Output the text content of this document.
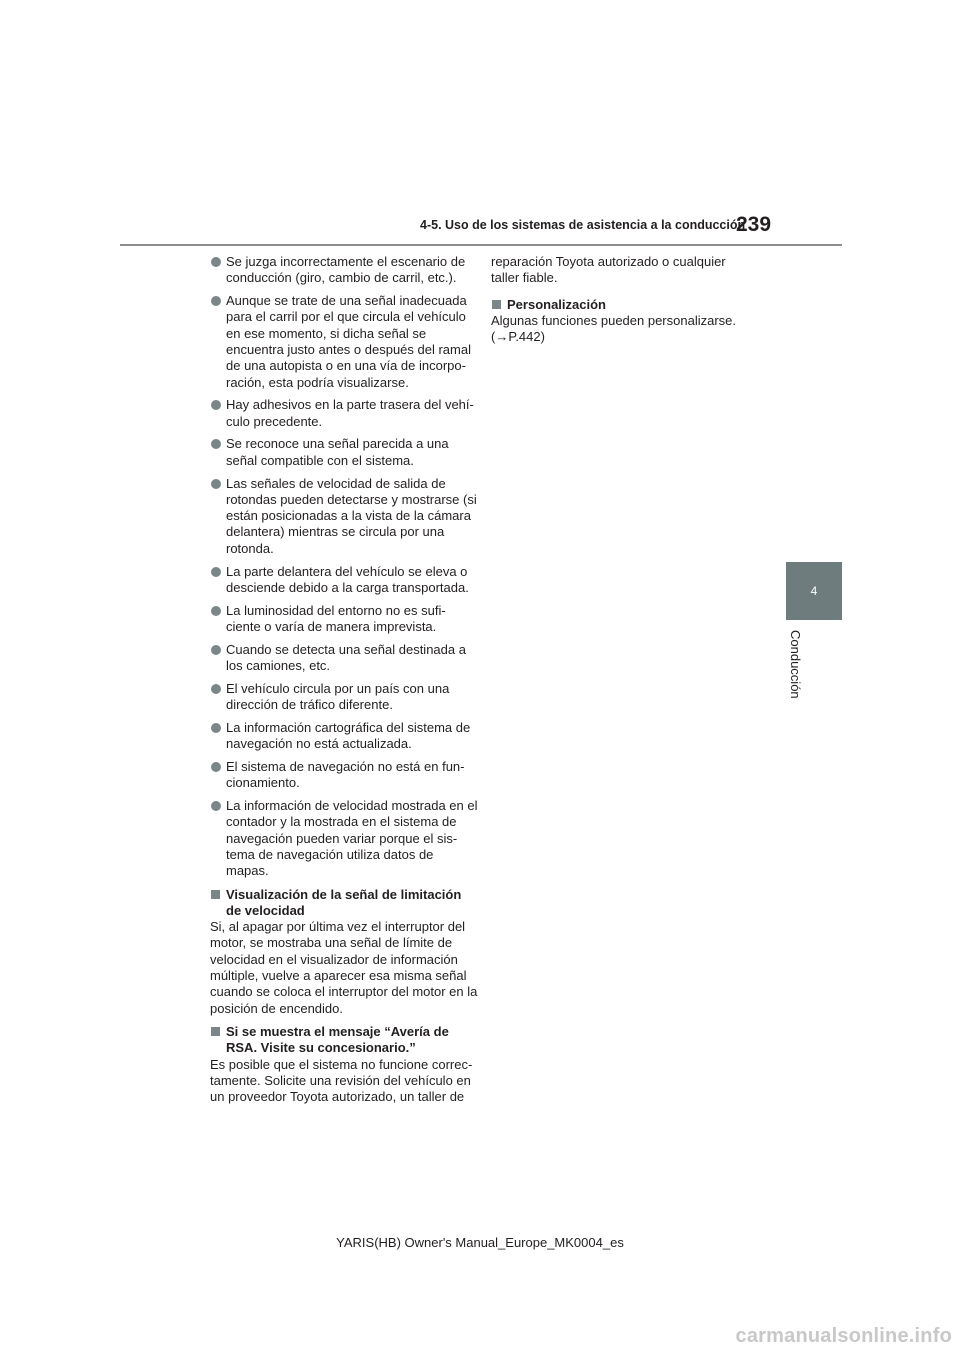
4-5. Uso de los sistemas de asistencia a la conducción
239
4
Conducción
Se juzga incorrectamente el escenario de conducción (giro, cambio de carril, etc.).
Aunque se trate de una señal inadecuada para el carril por el que circula el vehículo en ese momento, si dicha señal se encuentra justo antes o después del ramal de una autopista o en una vía de incorpo-ración, esta podría visualizarse.
Hay adhesivos en la parte trasera del vehí-culo precedente.
Se reconoce una señal parecida a una señal compatible con el sistema.
Las señales de velocidad de salida de rotondas pueden detectarse y mostrarse (si están posicionadas a la vista de la cámara delantera) mientras se circula por una rotonda.
La parte delantera del vehículo se eleva o desciende debido a la carga transportada.
La luminosidad del entorno no es sufi-ciente o varía de manera imprevista.
Cuando se detecta una señal destinada a los camiones, etc.
El vehículo circula por un país con una dirección de tráfico diferente.
La información cartográfica del sistema de navegación no está actualizada.
El sistema de navegación no está en fun-cionamiento.
La información de velocidad mostrada en el contador y la mostrada en el sistema de navegación pueden variar porque el sis-tema de navegación utiliza datos de mapas.
Visualización de la señal de limitación de velocidad

Si, al apagar por última vez el interruptor del motor, se mostraba una señal de límite de velocidad en el visualizador de información múltiple, vuelve a aparecer esa misma señal cuando se coloca el interruptor del motor en la posición de encendido.

Si se muestra el mensaje “Avería de RSA. Visite su concesionario.”

Es posible que el sistema no funcione correc-tamente. Solicite una revisión del vehículo en un proveedor Toyota autorizado, un taller de

reparación Toyota autorizado o cualquier taller fiable.

Personalización

Algunas funciones pueden personalizarse. (→P.442)

YARIS(HB) Owner's Manual_Europe_MK0004_es
carmanualsonline.info
